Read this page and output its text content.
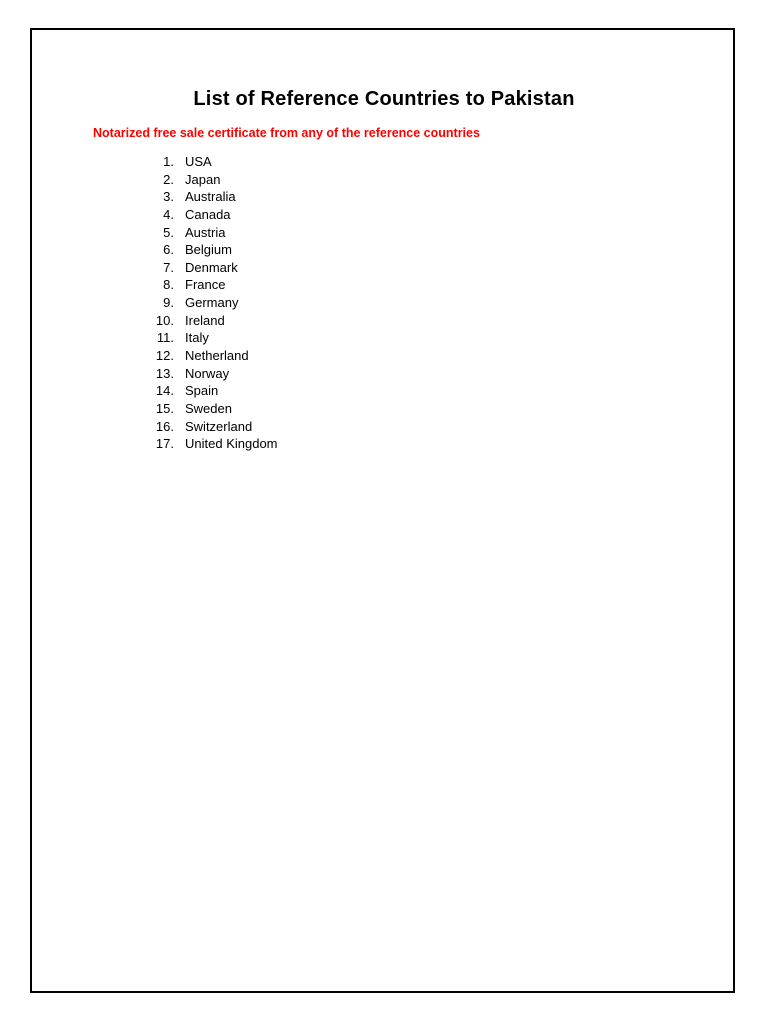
List of Reference Countries to Pakistan

Notarized free sale certificate from any of the reference countries

1. USA
2. Japan
3. Australia
4. Canada
5. Austria
6. Belgium
7. Denmark
8. France
9. Germany
10. Ireland
11. Italy
12. Netherland
13. Norway
14. Spain
15. Sweden
16. Switzerland
17. United Kingdom
